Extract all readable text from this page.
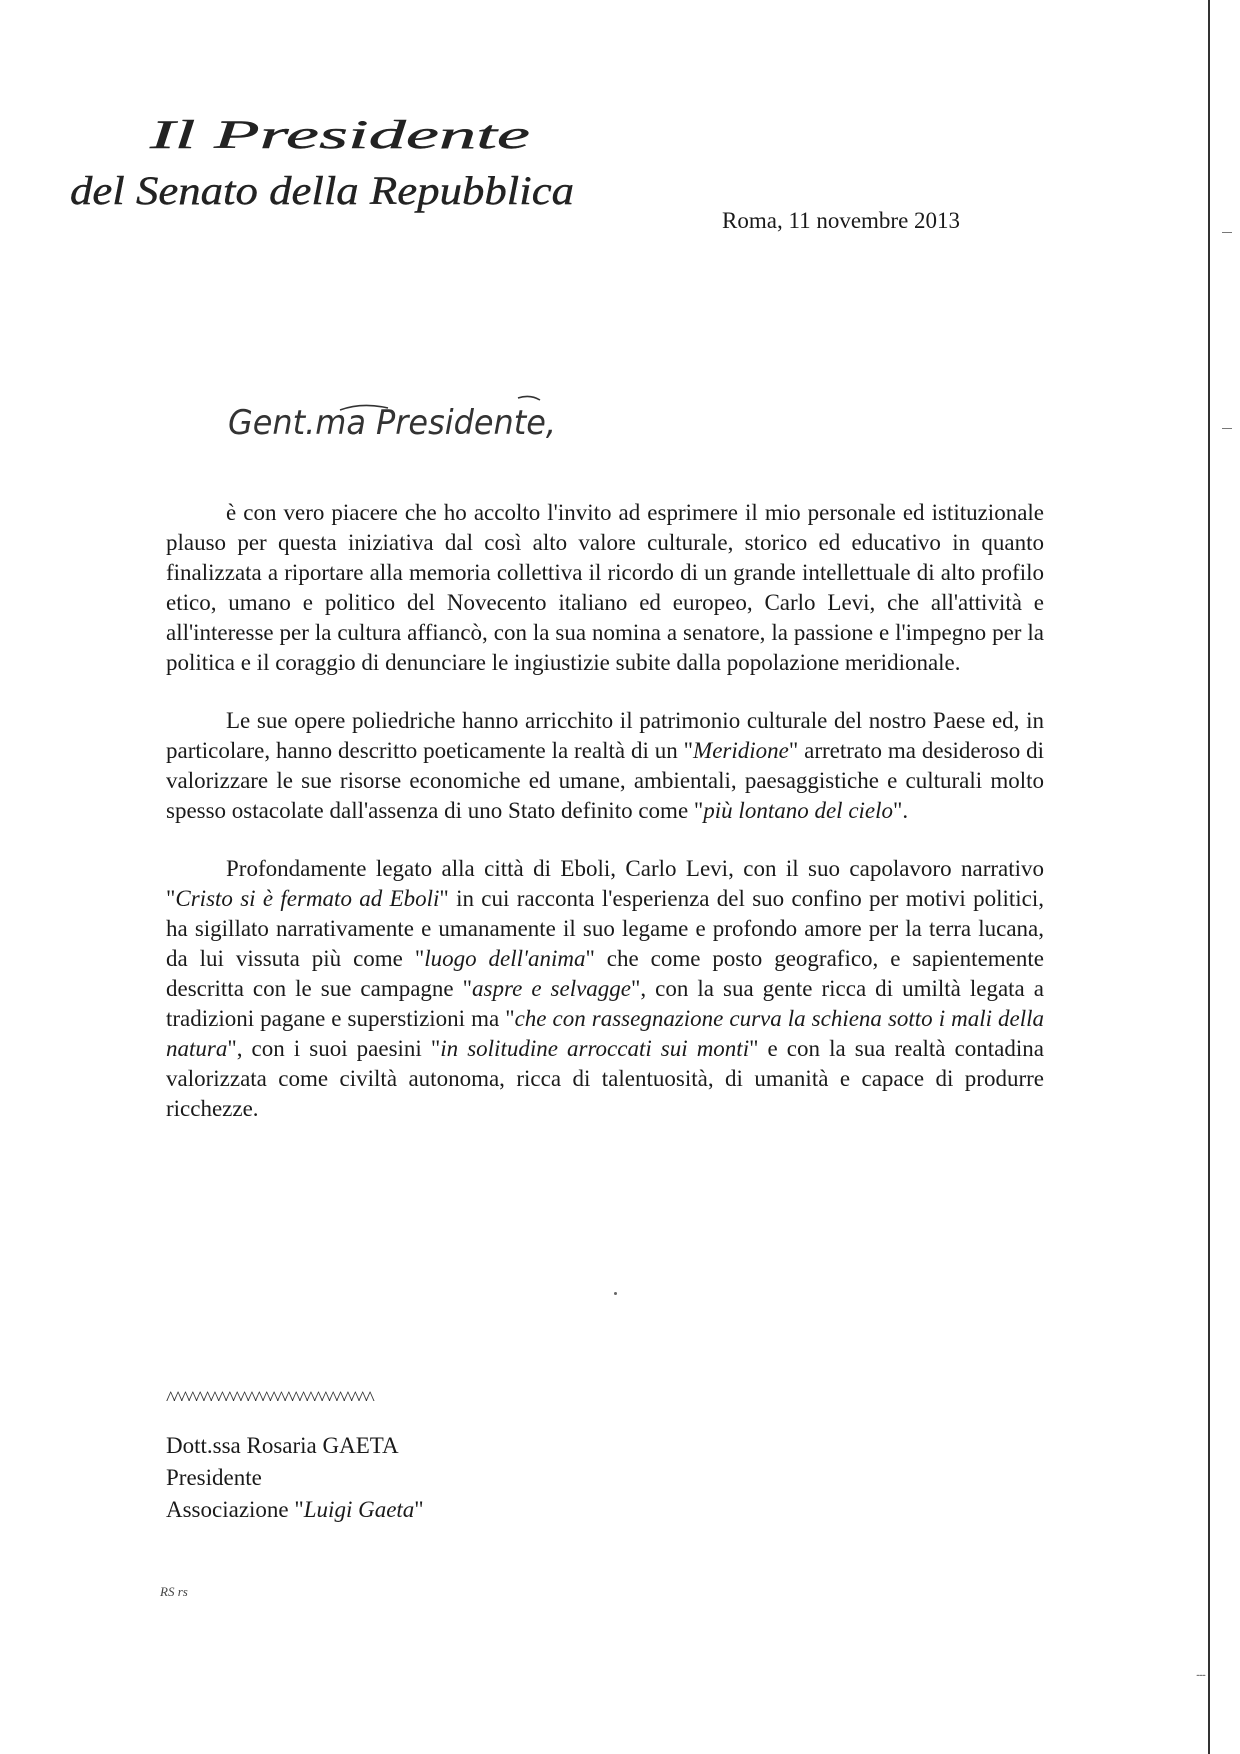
Il Presidente
del Senato della Repubblica
Roma, 11 novembre 2013
Gent.ma Presidente,

è con vero piacere che ho accolto l'invito ad esprimere il mio personale ed istituzionale plauso per questa iniziativa dal così alto valore culturale, storico ed educativo in quanto finalizzata a riportare alla memoria collettiva il ricordo di un grande intellettuale di alto profilo etico, umano e politico del Novecento italiano ed europeo, Carlo Levi, che all'attività e all'interesse per la cultura affiancò, con la sua nomina a senatore, la passione e l'impegno per la politica e il coraggio di denunciare le ingiustizie subite dalla popolazione meridionale.

Le sue opere poliedriche hanno arricchito il patrimonio culturale del nostro Paese ed, in particolare, hanno descritto poeticamente la realtà di un "Meridione" arretrato ma desideroso di valorizzare le sue risorse economiche ed umane, ambientali, paesaggistiche e culturali molto spesso ostacolate dall'assenza di uno Stato definito come "più lontano del cielo".

Profondamente legato alla città di Eboli, Carlo Levi, con il suo capolavoro narrativo "Cristo si è fermato ad Eboli" in cui racconta l'esperienza del suo confino per motivi politici, ha sigillato narrativamente e umanamente il suo legame e profondo amore per la terra lucana, da lui vissuta più come "luogo dell'anima" che come posto geografico, e sapientemente descritta con le sue campagne "aspre e selvagge", con la sua gente ricca di umiltà legata a tradizioni pagane e superstizioni ma "che con rassegnazione curva la schiena sotto i mali della natura", con i suoi paesini "in solitudine arroccati sui monti" e con la sua realtà contadina valorizzata come civiltà autonoma, ricca di talentuosità, di umanità e capace di produrre ricchezze.

^^^^^^^^^^^^^^^^^^^^^^^^^^^^
Dott.ssa Rosaria GAETA
Presidente
Associazione "Luigi Gaeta"
RS rs
......
